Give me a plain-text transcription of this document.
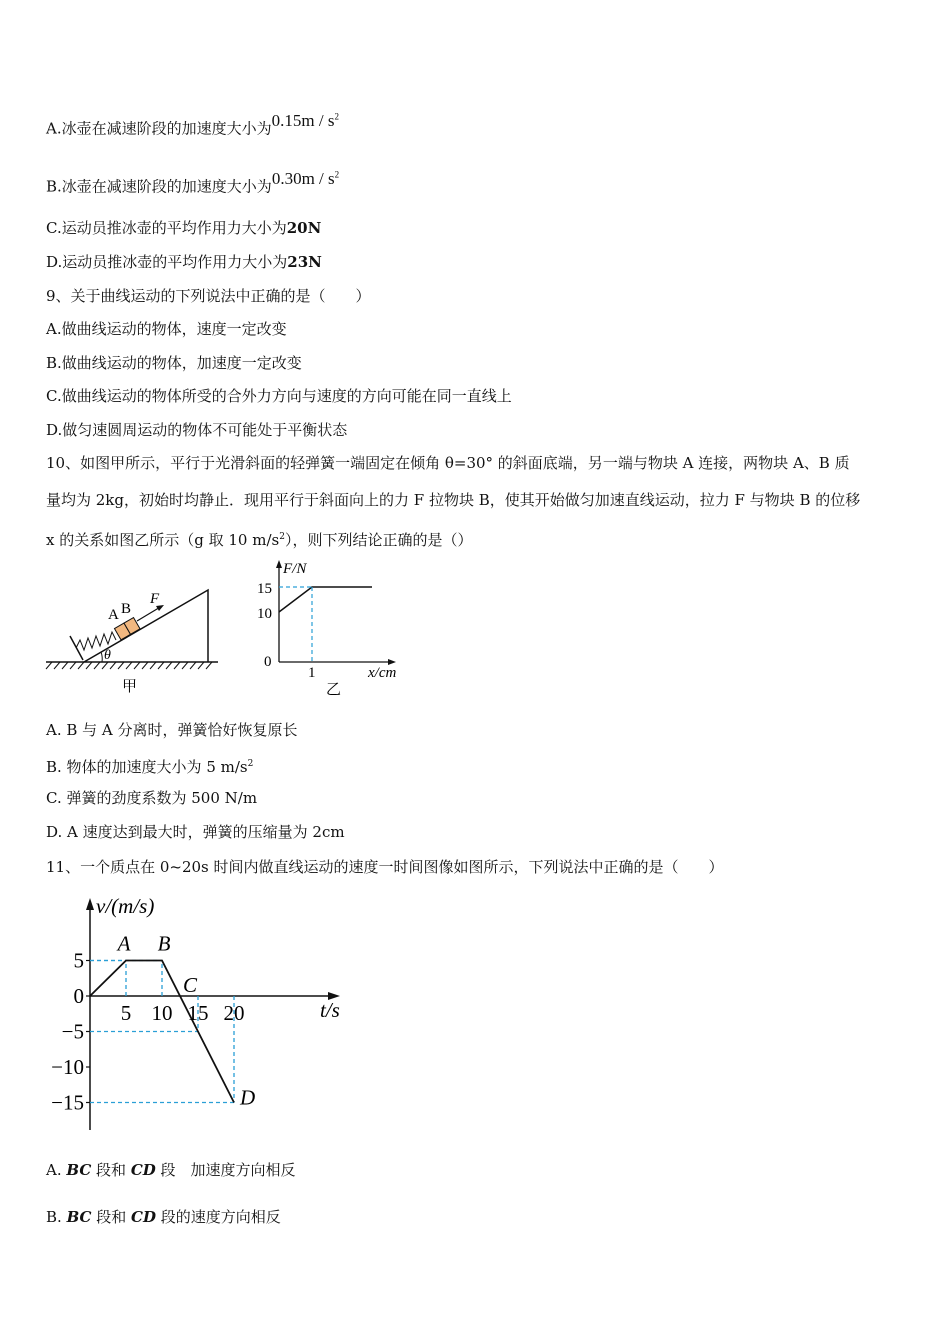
A.冰壶在减速阶段的加速度大小为$0.15m / s^2$
B.冰壶在减速阶段的加速度大小为$0.30m / s^2$
C.运动员推冰壶的平均作用力大小为20N
D.运动员推冰壶的平均作用力大小为23N
9、关于曲线运动的下列说法中正确的是（　　）
A.做曲线运动的物体，速度一定改变
B.做曲线运动的物体，加速度一定改变
C.做曲线运动的物体所受的合外力方向与速度的方向可能在同一直线上
D.做匀速圆周运动的物体不可能处于平衡状态
10、如图甲所示，平行于光滑斜面的轻弹簧一端固定在倾角 θ=30° 的斜面底端，另一端与物块 A 连接，两物块 A、B 质
量均为 2kg，初始时均静止．现用平行于斜面向上的力 F 拉物块 B，使其开始做匀加速直线运动，拉力 F 与物块 B 的位移
x 的关系如图乙所示（g 取 10 $m/s^2$），则下列结论正确的是（）
A B
F
θ
甲
F/N
15
10
0
1	x/cm
乙
A. B 与 A 分离时，弹簧恰好恢复原长
B. 物体的加速度大小为 5 $m/s^2$
C. 弹簧的劲度系数为 500 N/m
D. A 速度达到最大时，弹簧的压缩量为 2cm
11、一个质点在 0~20s 时间内做直线运动的速度一时间图像如图所示，下列说法中正确的是（　　）
v/(m/s)
t/s
5 10 15 20
5
0
−5
−10
−15
A B
D
C
A. BC 段和 CD 段　加速度方向相反
B. BC 段和 CD 段的速度方向相反
